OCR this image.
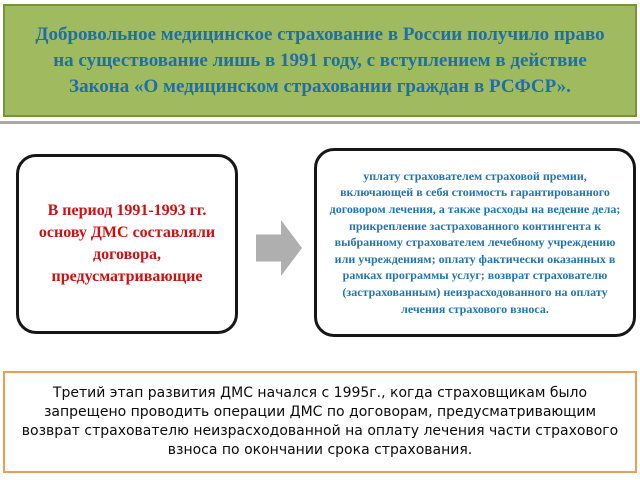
Добровольное медицинское страхование в России получило право на существование лишь в 1991 году, с вступлением в действие Закона «О медицинском страховании граждан в РСФСР».
В период 1991-1993 гг. основу ДМС составляли договора, предусматривающие
уплату страхователем страховой премии, включающей в себя стоимость гарантированного договором лечения, а также расходы на ведение дела; прикрепление застрахованного контингента к выбранному страхователем лечебному учреждению или учреждениям; оплату фактически оказанных в рамках программы услуг; возврат страхователю (застрахованным) неизрасходованного на оплату лечения страхового взноса.
Третий этап развития ДМС начался с 1995г., когда страховщикам было запрещено проводить операции ДМС по договорам, предусматривающим возврат страхователю неизрасходованной на оплату лечения части страхового взноса по окончании срока страхования.
